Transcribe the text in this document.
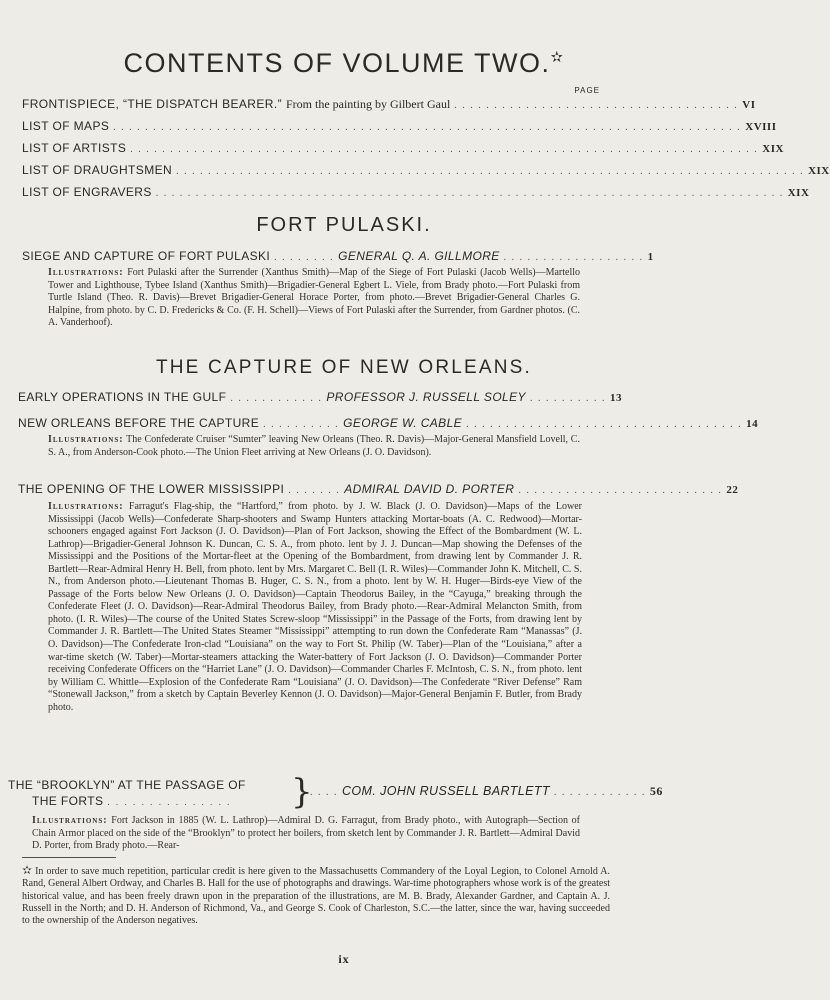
CONTENTS OF VOLUME TWO.✫
PAGE
FRONTISPIECE, “THE DISPATCH BEARER.” From the painting by Gilbert Gaul . . . . . . . . . . . . . . . . . . . . . . . . . . . . . . . . . . . . VI
LIST OF MAPS . . . . . . . . . . . . . . . . . . . . . . . . . . . . . . . . . . . . . . . . . . . . . . . . . . . . . . . . . . . . . . . . . . . . . . . . . . . . . . . XVIII
LIST OF ARTISTS . . . . . . . . . . . . . . . . . . . . . . . . . . . . . . . . . . . . . . . . . . . . . . . . . . . . . . . . . . . . . . . . . . . . . . . . . . . . . . . XIX
LIST OF DRAUGHTSMEN . . . . . . . . . . . . . . . . . . . . . . . . . . . . . . . . . . . . . . . . . . . . . . . . . . . . . . . . . . . . . . . . . . . . . . . . . . . . . . . XIX
LIST OF ENGRAVERS . . . . . . . . . . . . . . . . . . . . . . . . . . . . . . . . . . . . . . . . . . . . . . . . . . . . . . . . . . . . . . . . . . . . . . . . . . . . . . . XIX
FORT PULASKI.
SIEGE AND CAPTURE OF FORT PULASKI . . . . . . . . GENERAL Q. A. GILLMORE . . . . . . . . . . . . . . . . . . 1

Illustrations: Fort Pulaski after the Surrender (Xanthus Smith)—Map of the Siege of Fort Pulaski (Jacob Wells)—Martello Tower and Lighthouse, Tybee Island (Xanthus Smith)—Brigadier-General Egbert L. Viele, from Brady photo.—Fort Pulaski from Turtle Island (Theo. R. Davis)—Brevet Brigadier-General Horace Porter, from photo.—Brevet Brigadier-General Charles G. Halpine, from photo. by C. D. Fredericks & Co. (F. H. Schell)—Views of Fort Pulaski after the Surrender, from Gardner photos. (C. A. Vanderhoof).

THE CAPTURE OF NEW ORLEANS.
EARLY OPERATIONS IN THE GULF . . . . . . . . . . . . PROFESSOR J. RUSSELL SOLEY . . . . . . . . . . 13
NEW ORLEANS BEFORE THE CAPTURE . . . . . . . . . . GEORGE W. CABLE . . . . . . . . . . . . . . . . . . . . . . . . . . . . . . . . . . . 14

Illustrations: The Confederate Cruiser “Sumter” leaving New Orleans (Theo. R. Davis)—Major-General Mansfield Lovell, C. S. A., from Anderson-Cook photo.—The Union Fleet arriving at New Orleans (J. O. Davidson).

THE OPENING OF THE LOWER MISSISSIPPI . . . . . . . ADMIRAL DAVID D. PORTER . . . . . . . . . . . . . . . . . . . . . . . . . . 22

Illustrations: Farragut's Flag-ship, the “Hartford,” from photo. by J. W. Black (J. O. Davidson)—Maps of the Lower Mississippi (Jacob Wells)—Confederate Sharp-shooters and Swamp Hunters attacking Mortar-boats (A. C. Redwood)—Mortar-schooners engaged against Fort Jackson (J. O. Davidson)—Plan of Fort Jackson, showing the Effect of the Bombardment (W. L. Lathrop)—Brigadier-General Johnson K. Duncan, C. S. A., from photo. lent by J. J. Duncan—Map showing the Defenses of the Mississippi and the Positions of the Mortar-fleet at the Opening of the Bombardment, from drawing lent by Commander J. R. Bartlett—Rear-Admiral Henry H. Bell, from photo. lent by Mrs. Margaret C. Bell (I. R. Wiles)—Commander John K. Mitchell, C. S. N., from Anderson photo.—Lieutenant Thomas B. Huger, C. S. N., from a photo. lent by W. H. Huger—Birds-eye View of the Passage of the Forts below New Orleans (J. O. Davidson)—Captain Theodorus Bailey, in the “Cayuga,” breaking through the Confederate Fleet (J. O. Davidson)—Rear-Admiral Theodorus Bailey, from Brady photo.—Rear-Admiral Melancton Smith, from photo. (I. R. Wiles)—The course of the United States Screw-sloop “Mississippi” in the Passage of the Forts, from drawing lent by Commander J. R. Bartlett—The United States Steamer “Mississippi” attempting to run down the Confederate Ram “Manassas” (J. O. Davidson)—The Confederate Iron-clad “Louisiana” on the way to Fort St. Philip (W. Taber)—Plan of the “Louisiana,” after a war-time sketch (W. Taber)—Mortar-steamers attacking the Water-battery of Fort Jackson (J. O. Davidson)—Commander Porter receiving Confederate Officers on the “Harriet Lane” (J. O. Davidson)—Commander Charles F. McIntosh, C. S. N., from photo. lent by William C. Whittle—Explosion of the Confederate Ram “Louisiana” (J. O. Davidson)—The Confederate “River Defense” Ram “Stonewall Jackson,” from a sketch by Captain Beverley Kennon (J. O. Davidson)—Major-General Benjamin F. Butler, from Brady photo.

THE “BROOKLYN” AT THE PASSAGE OF
THE FORTS . . . . . . . . . . . . . . .	}
. . . . COM. JOHN RUSSELL BARTLETT . . . . . . . . . . . . 56

Illustrations: Fort Jackson in 1885 (W. L. Lathrop)—Admiral D. G. Farragut, from Brady photo., with Autograph—Section of Chain Armor placed on the side of the “Brooklyn” to protect her boilers, from sketch lent by Commander J. R. Bartlett—Admiral David D. Porter, from Brady photo.—Rear-

✫ In order to save much repetition, particular credit is here given to the Massachusetts Commandery of the Loyal Legion, to Colonel Arnold A. Rand, General Albert Ordway, and Charles B. Hall for the use of photographs and drawings. War-time photographers whose work is of the greatest historical value, and has been freely drawn upon in the preparation of the illustrations, are M. B. Brady, Alexander Gardner, and Captain A. J. Russell in the North; and D. H. Anderson of Richmond, Va., and George S. Cook of Charleston, S.C.—the latter, since the war, having succeeded to the ownership of the Anderson negatives.

ix
